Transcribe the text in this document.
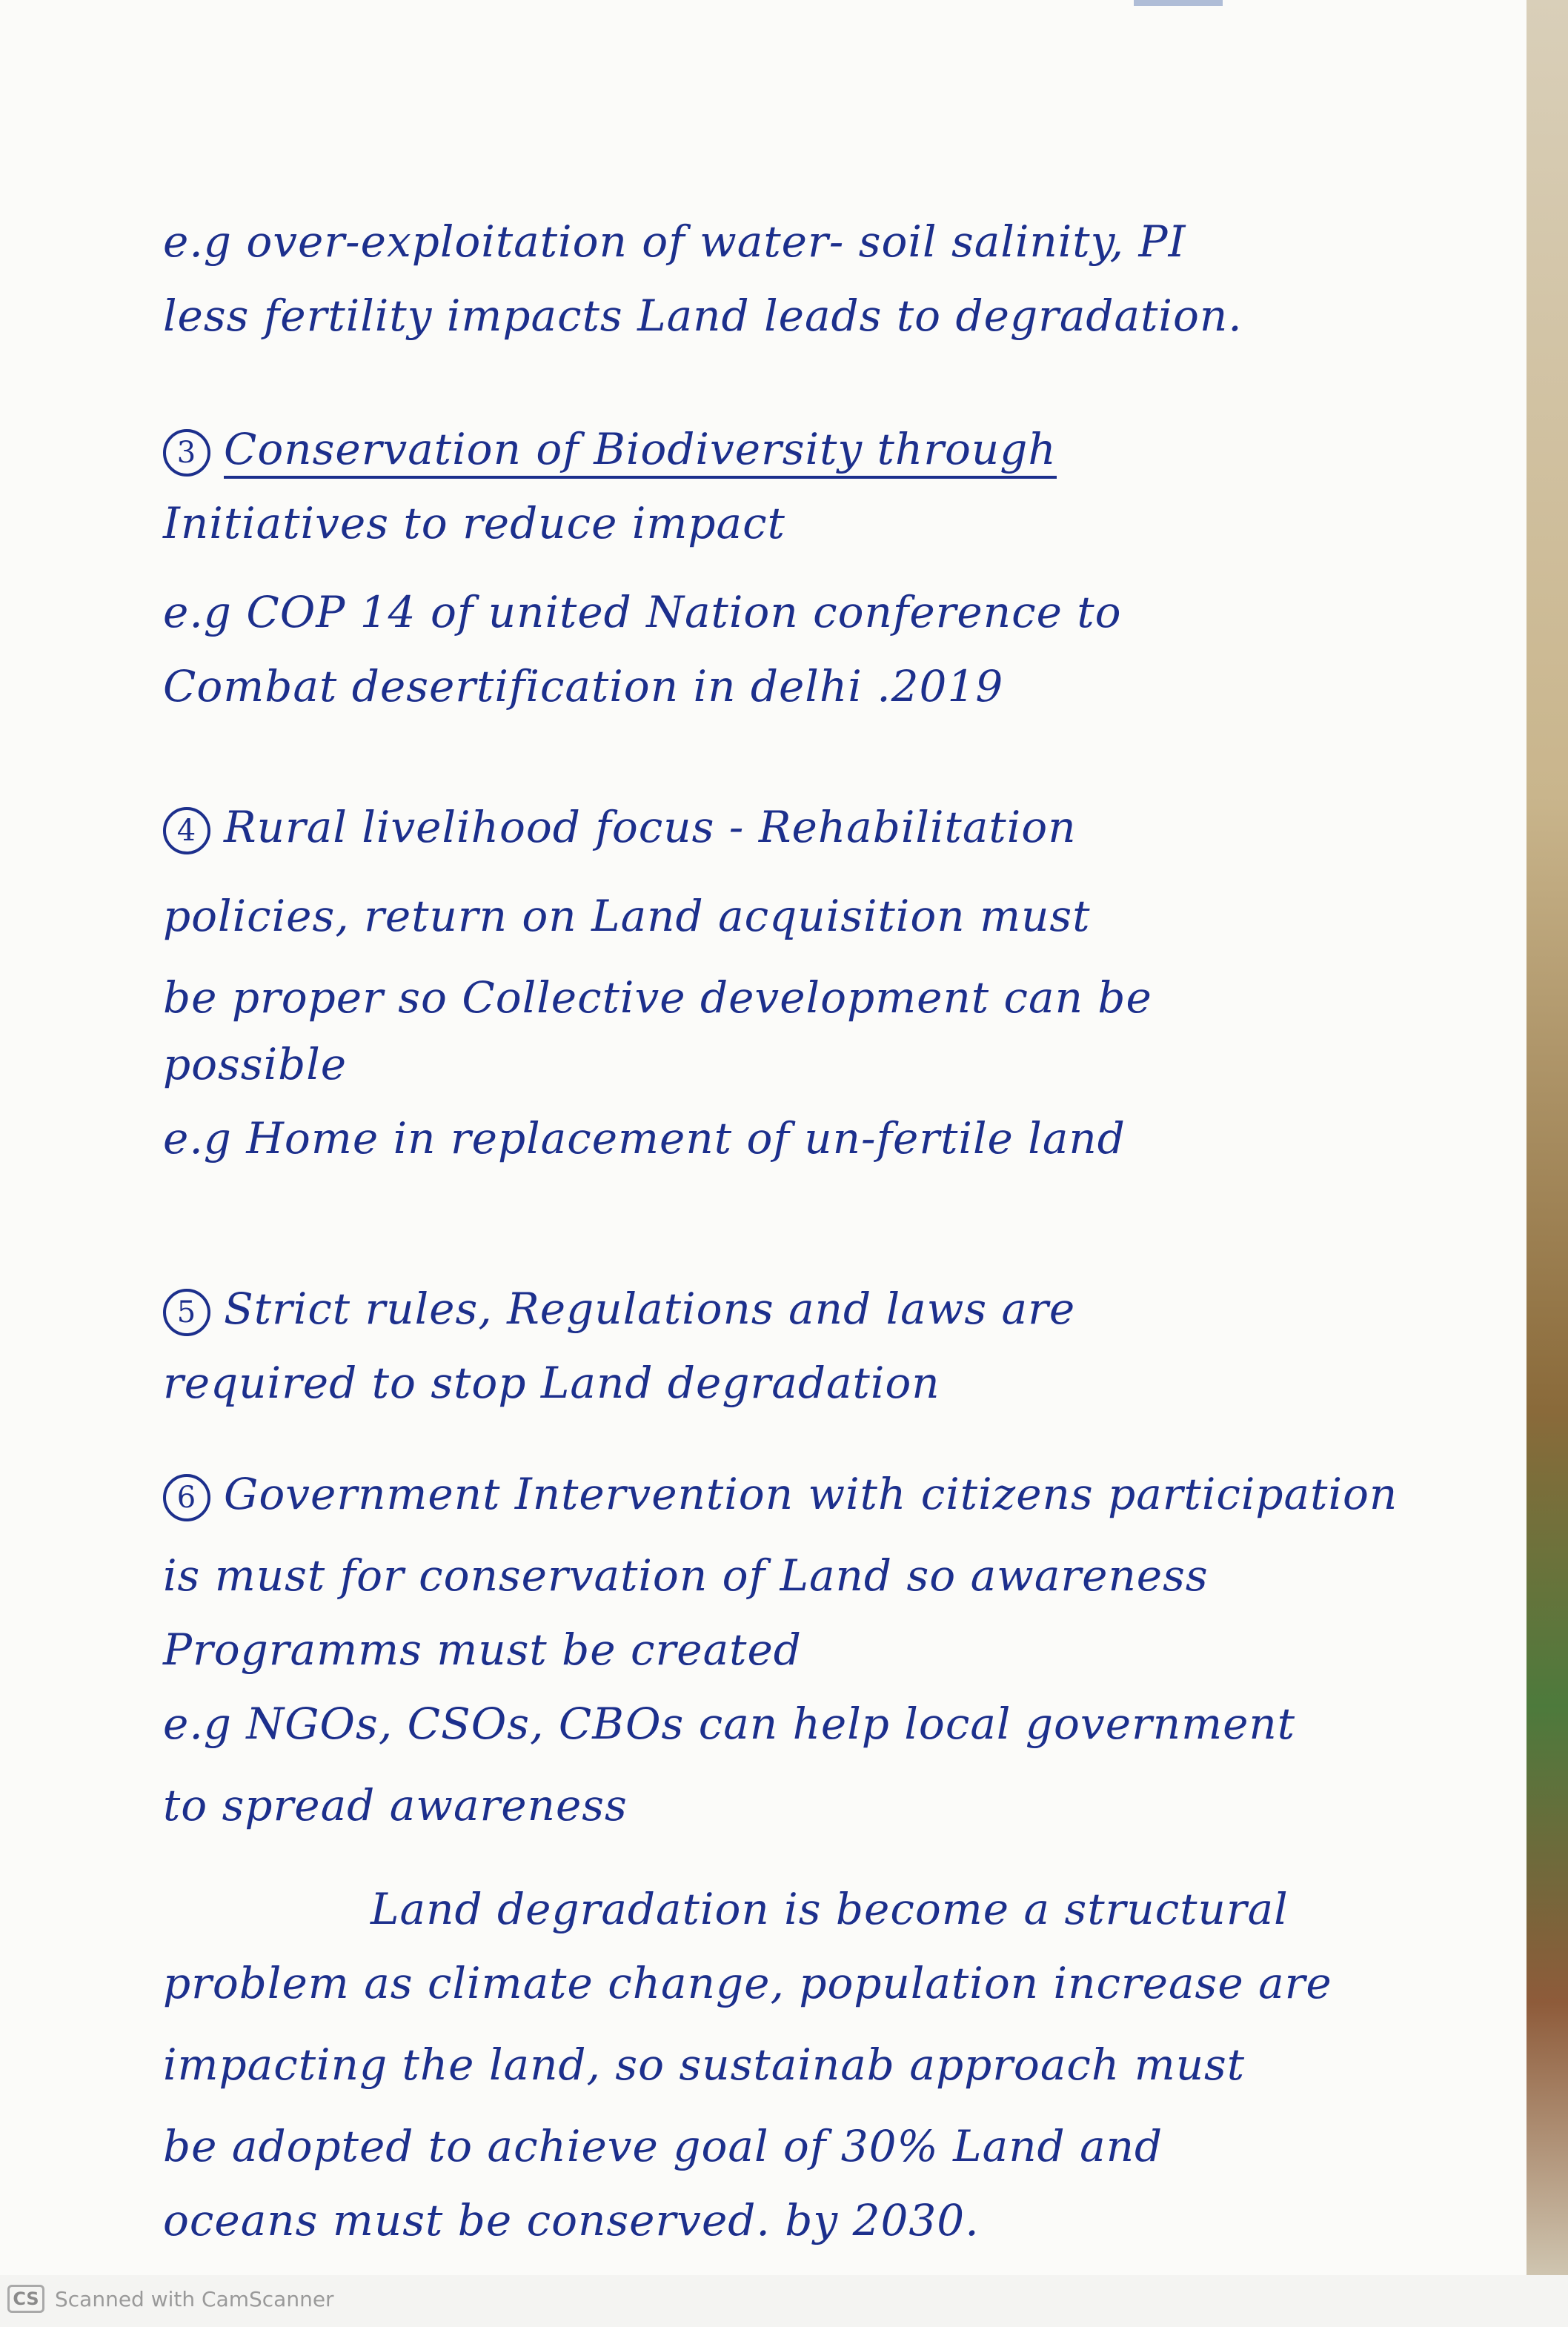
e.g over-exploitation of water- soil salinity, PI

less fertility impacts Land leads to degradation.

3 Conservation of Biodiversity through

Initiatives to reduce impact

e.g COP 14 of united Nation conference to

Combat desertification in delhi .2019

4 Rural livelihood focus - Rehabilitation

policies, return on Land acquisition must

be proper so Collective development can be

possible

e.g Home in replacement of un-fertile land

5 Strict rules, Regulations and laws are

required to stop Land degradation

6 Government Intervention with citizens participation

is must for conservation of Land so awareness

Programms must be created

e.g NGOs, CSOs, CBOs can help local government

to spread awareness

Land degradation is become a structural

problem as climate change, population increase are

impacting the land, so sustainab approach must

be adopted to achieve goal of 30% Land and

oceans must be conserved. by 2030.

CS Scanned with CamScanner
